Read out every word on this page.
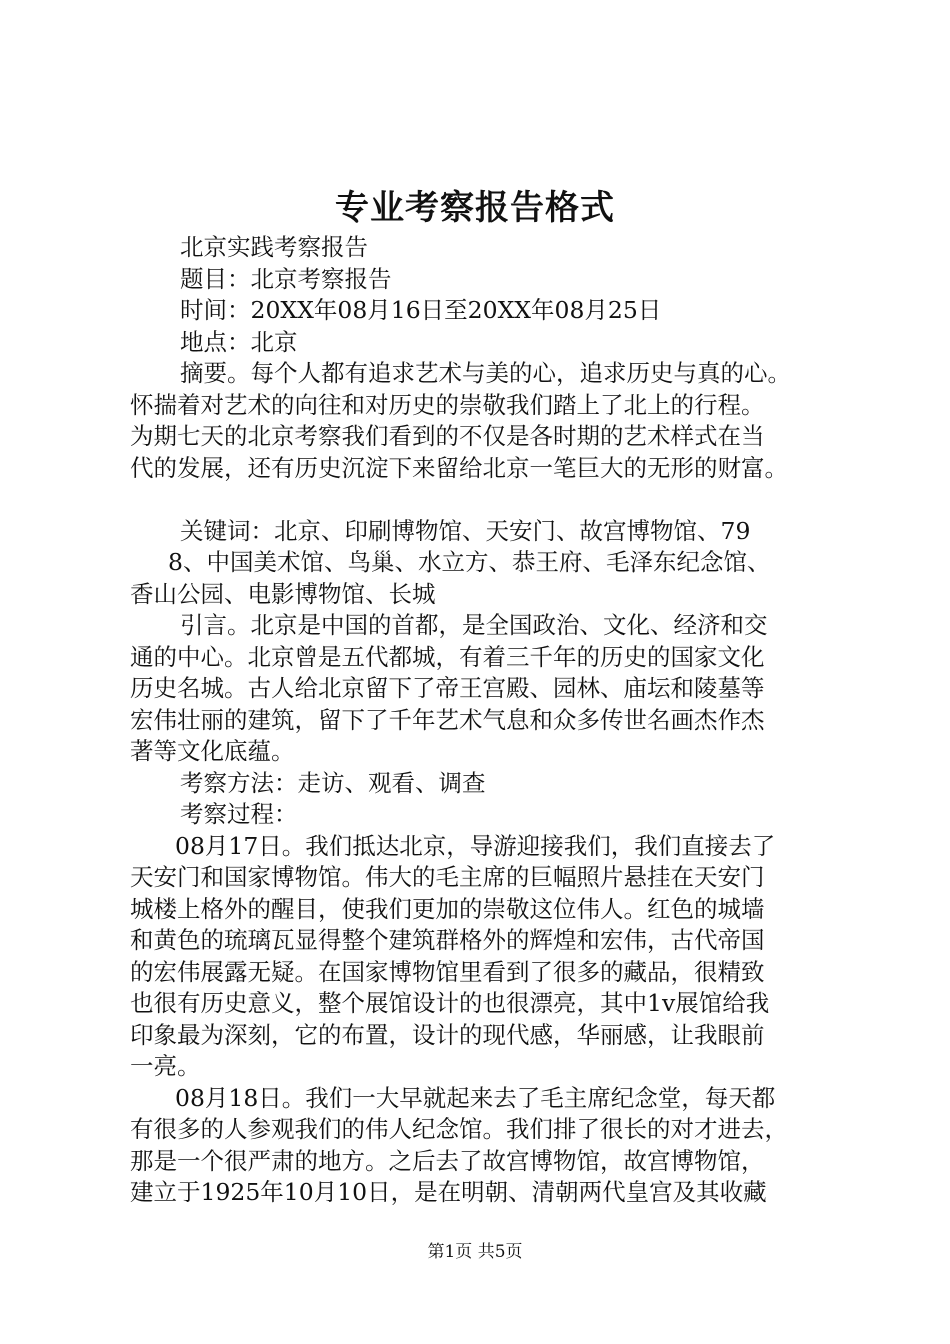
专业考察报告格式
北京实践考察报告
题目：北京考察报告
时间：20XX年08月16日至20XX年08月25日
地点：北京
摘要。每个人都有追求艺术与美的心，追求历史与真的心。
怀揣着对艺术的向往和对历史的崇敬我们踏上了北上的行程。
为期七天的北京考察我们看到的不仅是各时期的艺术样式在当
代的发展，还有历史沉淀下来留给北京一笔巨大的无形的财富。
关键词：北京、印刷博物馆、天安门、故宫博物馆、79
8、中国美术馆、鸟巢、水立方、恭王府、毛泽东纪念馆、
香山公园、电影博物馆、长城
引言。北京是中国的首都，是全国政治、文化、经济和交
通的中心。北京曾是五代都城，有着三千年的历史的国家文化
历史名城。古人给北京留下了帝王宫殿、园林、庙坛和陵墓等
宏伟壮丽的建筑，留下了千年艺术气息和众多传世名画杰作杰
著等文化底蕴。
考察方法：走访、观看、调查
考察过程：
08月17日。我们抵达北京，导游迎接我们，我们直接去了
天安门和国家博物馆。伟大的毛主席的巨幅照片悬挂在天安门
城楼上格外的醒目，使我们更加的崇敬这位伟人。红色的城墙
和黄色的琉璃瓦显得整个建筑群格外的辉煌和宏伟，古代帝国
的宏伟展露无疑。在国家博物馆里看到了很多的藏品，很精致
也很有历史意义，整个展馆设计的也很漂亮，其中1v展馆给我
印象最为深刻，它的布置，设计的现代感，华丽感，让我眼前
一亮。
08月18日。我们一大早就起来去了毛主席纪念堂，每天都
有很多的人参观我们的伟人纪念馆。我们排了很长的对才进去，
那是一个很严肃的地方。之后去了故宫博物馆，故宫博物馆，
建立于1925年10月10日，是在明朝、清朝两代皇宫及其收藏
第1页 共5页
